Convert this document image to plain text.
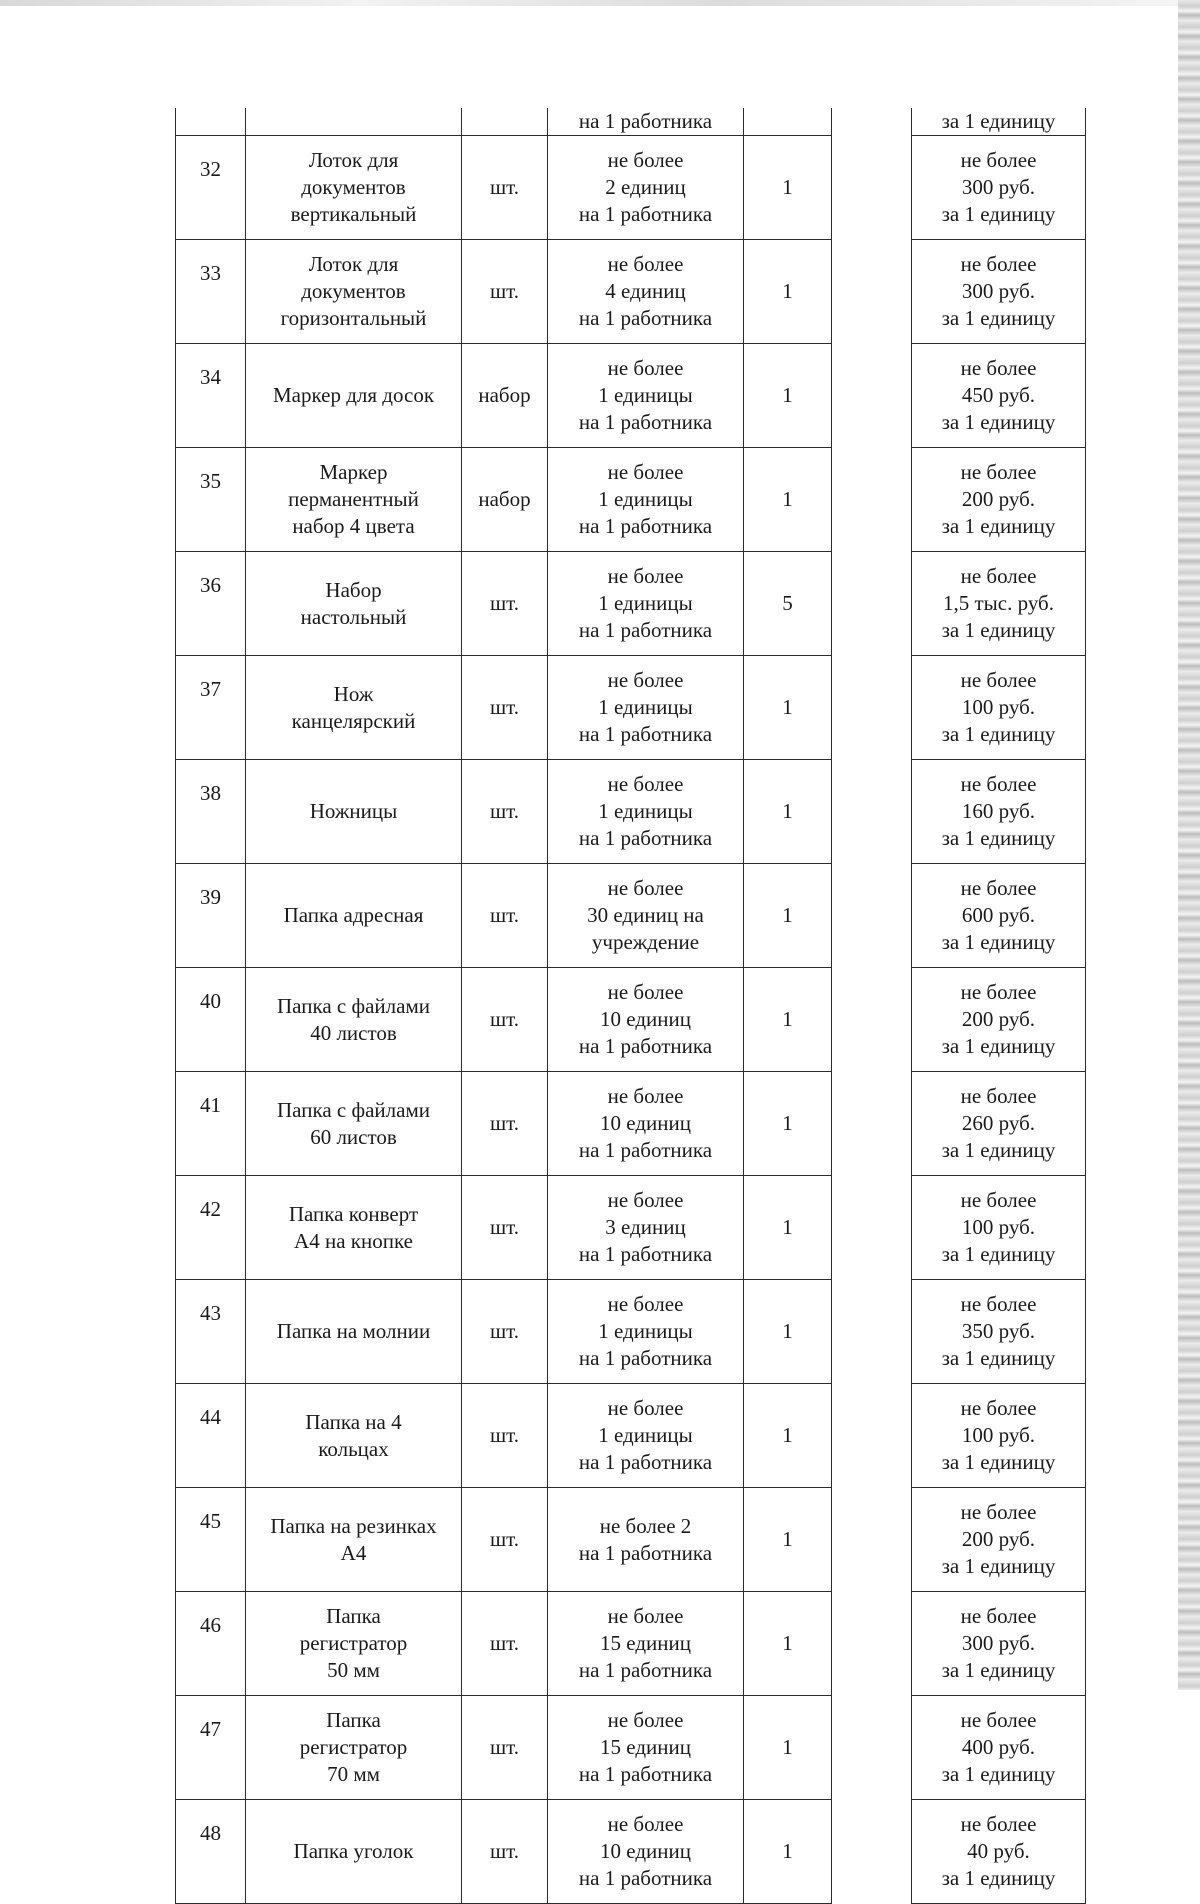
			на 1 работника			за 1 единицу

32	Лоток для
документов
вертикальный	шт.	не более
2 единиц
на 1 работника	1		не более
300 руб.
за 1 единицу

33	Лоток для
документов
горизонтальный	шт.	не более
4 единиц
на 1 работника	1		не более
300 руб.
за 1 единицу

34	Маркер для досок	набор	не более
1 единицы
на 1 работника	1		не более
450 руб.
за 1 единицу

35	Маркер
перманентный
набор 4 цвета	набор	не более
1 единицы
на 1 работника	1		не более
200 руб.
за 1 единицу

36	Набор
настольный	шт.	не более
1 единицы
на 1 работника	5		не более
1,5 тыс. руб.
за 1 единицу

37	Нож
канцелярский	шт.	не более
1 единицы
на 1 работника	1		не более
100 руб.
за 1 единицу

38	Ножницы	шт.	не более
1 единицы
на 1 работника	1		не более
160 руб.
за 1 единицу

39	Папка адресная	шт.	не более
30 единиц на
учреждение	1		не более
600 руб.
за 1 единицу

40	Папка с файлами
40 листов	шт.	не более
10 единиц
на 1 работника	1		не более
200 руб.
за 1 единицу

41	Папка с файлами
60 листов	шт.	не более
10 единиц
на 1 работника	1		не более
260 руб.
за 1 единицу

42	Папка конверт
А4 на кнопке	шт.	не более
3 единиц
на 1 работника	1		не более
100 руб.
за 1 единицу

43	Папка на молнии	шт.	не более
1 единицы
на 1 работника	1		не более
350 руб.
за 1 единицу

44	Папка на 4
кольцах	шт.	не более
1 единицы
на 1 работника	1		не более
100 руб.
за 1 единицу

45	Папка на резинках
А4	шт.	не более 2
на 1 работника	1		не более
200 руб.
за 1 единицу

46	Папка
регистратор
50 мм	шт.	не более
15 единиц
на 1 работника	1		не более
300 руб.
за 1 единицу

47	Папка
регистратор
70 мм	шт.	не более
15 единиц
на 1 работника	1		не более
400 руб.
за 1 единицу

48	Папка уголок	шт.	не более
10 единиц
на 1 работника	1		не более
40 руб.
за 1 единицу
